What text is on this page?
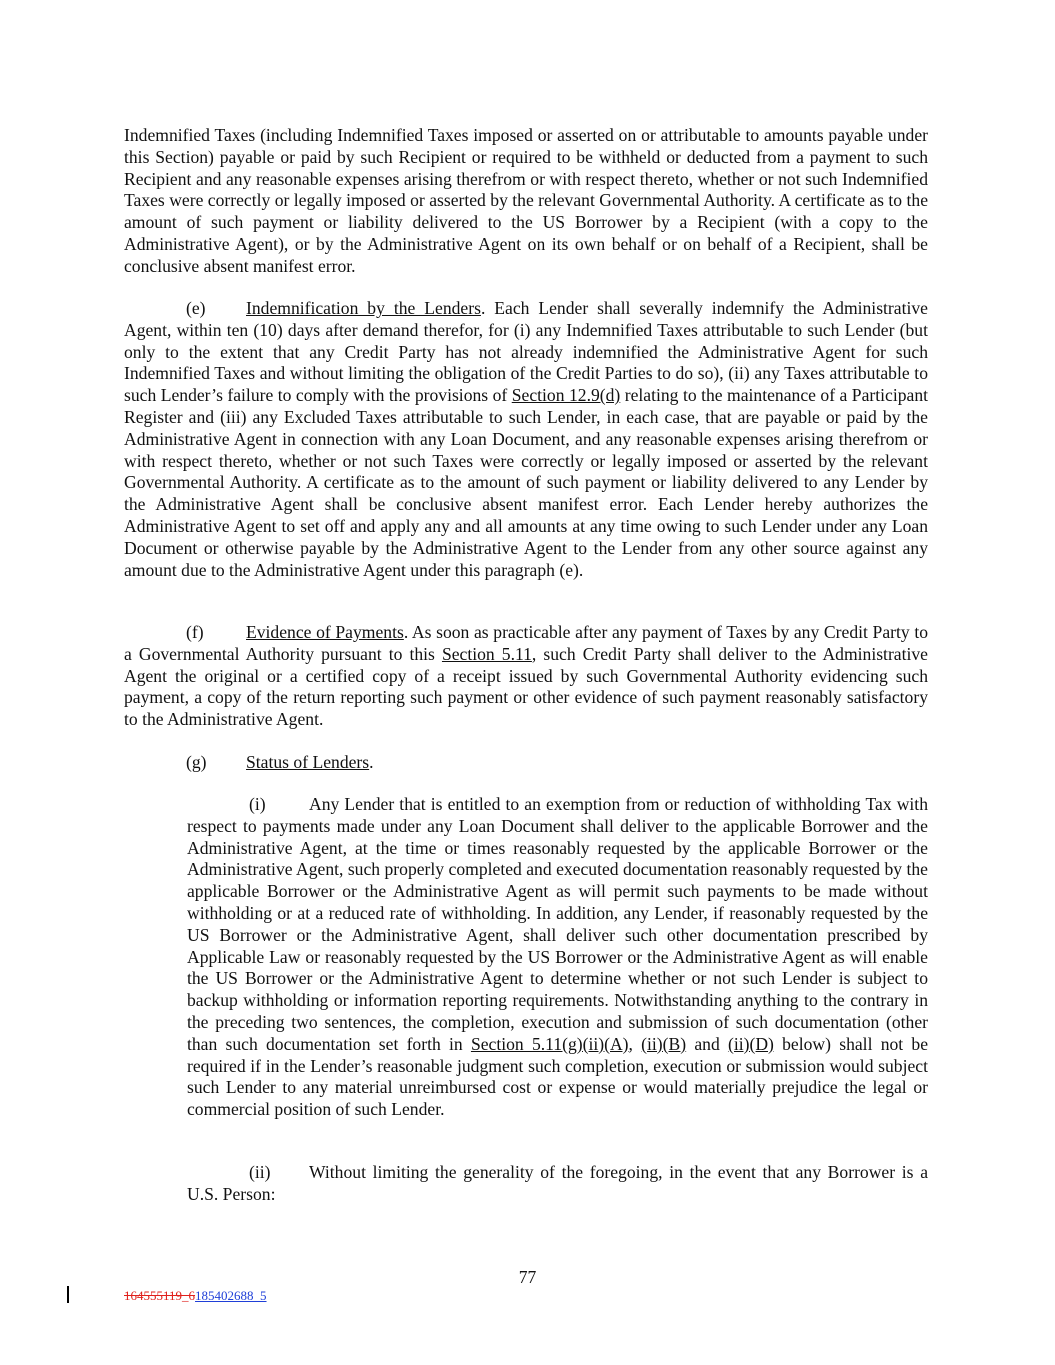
Indemnified Taxes (including Indemnified Taxes imposed or asserted on or attributable to amounts payable under this Section) payable or paid by such Recipient or required to be withheld or deducted from a payment to such Recipient and any reasonable expenses arising therefrom or with respect thereto, whether or not such Indemnified Taxes were correctly or legally imposed or asserted by the relevant Governmental Authority. A certificate as to the amount of such payment or liability delivered to the US Borrower by a Recipient (with a copy to the Administrative Agent), or by the Administrative Agent on its own behalf or on behalf of a Recipient, shall be conclusive absent manifest error.

(e) Indemnification by the Lenders. Each Lender shall severally indemnify the Administrative Agent, within ten (10) days after demand therefor, for (i) any Indemnified Taxes attributable to such Lender (but only to the extent that any Credit Party has not already indemnified the Administrative Agent for such Indemnified Taxes and without limiting the obligation of the Credit Parties to do so), (ii) any Taxes attributable to such Lender’s failure to comply with the provisions of Section 12.9(d) relating to the maintenance of a Participant Register and (iii) any Excluded Taxes attributable to such Lender, in each case, that are payable or paid by the Administrative Agent in connection with any Loan Document, and any reasonable expenses arising therefrom or with respect thereto, whether or not such Taxes were correctly or legally imposed or asserted by the relevant Governmental Authority. A certificate as to the amount of such payment or liability delivered to any Lender by the Administrative Agent shall be conclusive absent manifest error. Each Lender hereby authorizes the Administrative Agent to set off and apply any and all amounts at any time owing to such Lender under any Loan Document or otherwise payable by the Administrative Agent to the Lender from any other source against any amount due to the Administrative Agent under this paragraph (e).

(f) Evidence of Payments. As soon as practicable after any payment of Taxes by any Credit Party to a Governmental Authority pursuant to this Section 5.11, such Credit Party shall deliver to the Administrative Agent the original or a certified copy of a receipt issued by such Governmental Authority evidencing such payment, a copy of the return reporting such payment or other evidence of such payment reasonably satisfactory to the Administrative Agent.

(g) Status of Lenders.

(i) Any Lender that is entitled to an exemption from or reduction of withholding Tax with respect to payments made under any Loan Document shall deliver to the applicable Borrower and the Administrative Agent, at the time or times reasonably requested by the applicable Borrower or the Administrative Agent, such properly completed and executed documentation reasonably requested by the applicable Borrower or the Administrative Agent as will permit such payments to be made without withholding or at a reduced rate of withholding. In addition, any Lender, if reasonably requested by the US Borrower or the Administrative Agent, shall deliver such other documentation prescribed by Applicable Law or reasonably requested by the US Borrower or the Administrative Agent as will enable the US Borrower or the Administrative Agent to determine whether or not such Lender is subject to backup withholding or information reporting requirements. Notwithstanding anything to the contrary in the preceding two sentences, the completion, execution and submission of such documentation (other than such documentation set forth in Section 5.11(g)(ii)(A), (ii)(B) and (ii)(D) below) shall not be required if in the Lender’s reasonable judgment such completion, execution or submission would subject such Lender to any material unreimbursed cost or expense or would materially prejudice the legal or commercial position of such Lender.

(ii) Without limiting the generality of the foregoing, in the event that any Borrower is a U.S. Person:

77
164555119_6185402688_5
